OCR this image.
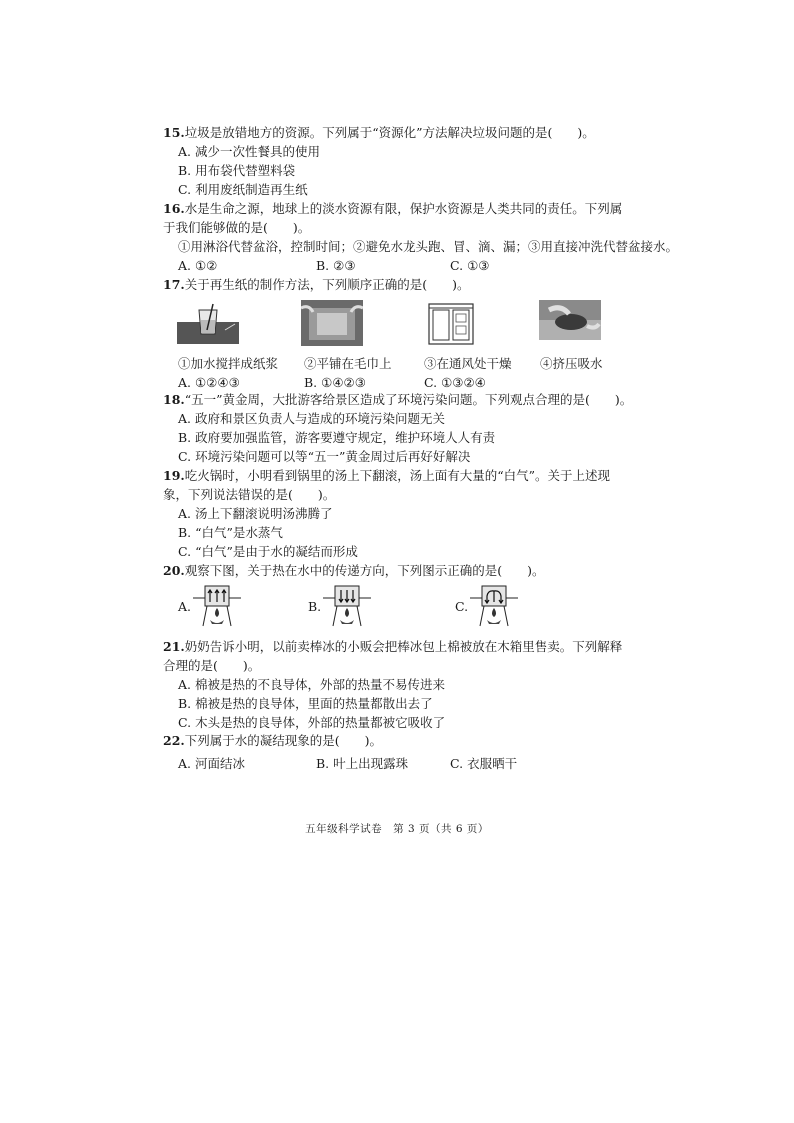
15.垃圾是放错地方的资源。下列属于“资源化”方法解决垃圾问题的是(　　)。
A. 减少一次性餐具的使用
B. 用布袋代替塑料袋
C. 利用废纸制造再生纸
16.水是生命之源，地球上的淡水资源有限，保护水资源是人类共同的责任。下列属于我们能够做的是(　　)。
①用淋浴代替盆浴，控制时间；②避免水龙头跑、冒、滴、漏；③用直接冲洗代替盆接水。
A. ①②	B. ②③	C. ①③
17.关于再生纸的制作方法，下列顺序正确的是(　　)。
①加水搅拌成纸浆	②平铺在毛巾上	③在通风处干燥	④挤压吸水
A. ①②④③	B. ①④②③	C. ①③②④
18.“五一”黄金周，大批游客给景区造成了环境污染问题。下列观点合理的是(　　)。
A. 政府和景区负责人与造成的环境污染问题无关
B. 政府要加强监管，游客要遵守规定，维护环境人人有责
C. 环境污染问题可以等“五一”黄金周过后再好好解决
19.吃火锅时，小明看到锅里的汤上下翻滚，汤上面有大量的“白气”。关于上述现象，下列说法错误的是(　　)。
A. 汤上下翻滚说明汤沸腾了
B. “白气”是水蒸气
C. “白气”是由于水的凝结而形成
20.观察下图，关于热在水中的传递方向，下列图示正确的是(　　)。
A.	B.	C.
21.奶奶告诉小明，以前卖棒冰的小贩会把棒冰包上棉被放在木箱里售卖。下列解释合理的是(　　)。
A. 棉被是热的不良导体，外部的热量不易传进来
B. 棉被是热的良导体，里面的热量都散出去了
C. 木头是热的良导体，外部的热量都被它吸收了
22.下列属于水的凝结现象的是(　　)。
A. 河面结冰	B. 叶上出现露珠	C. 衣服晒干
五年级科学试卷　第 3 页（共 6 页）
